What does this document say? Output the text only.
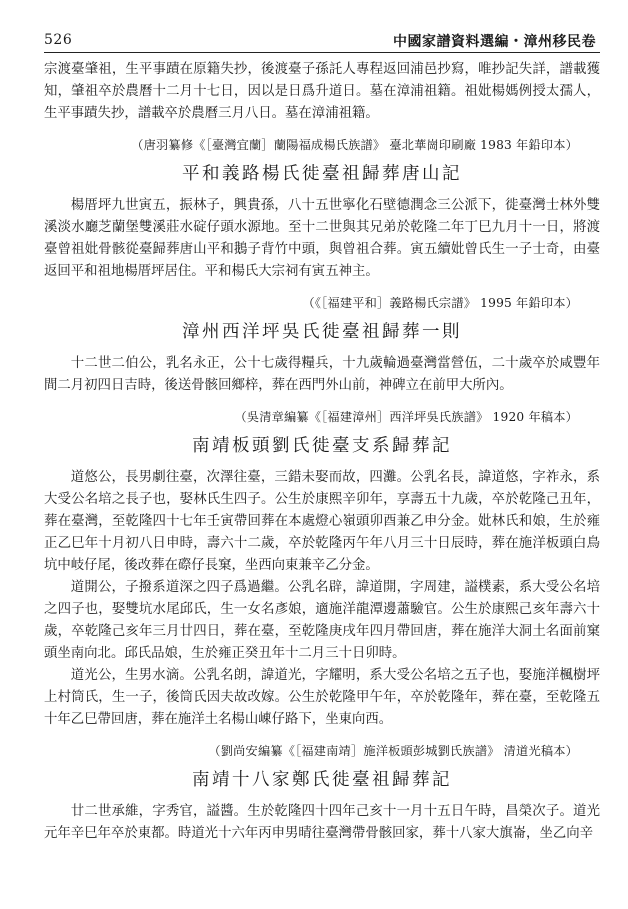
526	中國家譜資料選編・漳州移民卷

宗渡臺肇祖，生平事蹟在原籍失抄，後渡臺子孫託人專程返回浦邑抄寫，唯抄記失詳，譜載獲知，肇祖卒於農曆十二月十七日，因以是日爲升道日。墓在漳浦祖籍。祖妣楊媽例授太孺人，生平事蹟失抄，譜載卒於農曆三月八日。墓在漳浦祖籍。

（唐羽纂修《［臺灣宜蘭］蘭陽福成楊氏族譜》 臺北華崗印刷廠 1983 年鉛印本）

平和義路楊氏徙臺祖歸葬唐山記

楊厝坪九世寅五，振林子，興貴孫，八十五世寧化石壁德潤念三公派下，徙臺灣士林外雙溪淡水廳芝蘭堡雙溪莊水碇仔頭水源地。至十二世與其兄弟於乾隆二年丁巳九月十一日，將渡臺曾祖妣骨骸從臺歸葬唐山平和鵝子背竹中頭，與曾祖合葬。寅五續妣曾氏生一子士奇，由臺返回平和祖地楊厝坪居住。平和楊氏大宗祠有寅五神主。

（《［福建平和］義路楊氏宗譜》 1995 年鉛印本）

漳州西洋坪吳氏徙臺祖歸葬一則

十二世二伯公，乳名永正，公十七歲得糧兵，十九歲輪過臺灣當營伍，二十歲卒於咸豐年間二月初四日吉時，後送骨骸回鄉梓，葬在西門外山前，神碑立在前甲大所內。

（吳清章編纂《［福建漳州］西洋坪吳氏族譜》 1920 年稿本）

南靖板頭劉氏徙臺支系歸葬記

道悠公，長男劇往臺，次澤往臺，三錯未娶而故，四灘。公乳名長，諱道悠，字祚永，系大受公名培之長子也，娶林氏生四子。公生於康熙辛卯年，享壽五十九歲，卒於乾隆己丑年，葬在臺灣，至乾隆四十七年壬寅帶回葬在本處燈心嶺頭卯酉兼乙申分金。妣林氏和娘，生於雍正乙巳年十月初八日申時，壽六十二歲，卒於乾隆丙午年八月三十日辰時，葬在施洋板頭白鳥坑中岐仔尾，後改葬在磜仔長窠，坐西向東兼辛乙分金。

道開公，子撥系道深之四子爲過繼。公乳名辟，諱道開，字周建，謚樸素，系大受公名培之四子也，娶雙坑水尾邱氏，生一女名彥娘，適施洋龍潭邊蕭驗官。公生於康熙己亥年壽六十歲，卒乾隆己亥年三月廿四日，葬在臺，至乾隆庚戌年四月帶回唐，葬在施洋大洞土名面前窠頭坐南向北。邱氏品娘，生於雍正癸丑年十二月三十日卯時。

道光公，生男水滴。公乳名朗，諱道光，字耀明，系大受公名培之五子也，娶施洋楓樹坪上村筒氏，生一子，後筒氏因夫故改嫁。公生於乾隆甲午年，卒於乾隆年，葬在臺，至乾隆五十年乙巳帶回唐，葬在施洋土名楊山崠仔路下，坐東向西。

（劉尚安編纂《［福建南靖］施洋板頭彭城劉氏族譜》 清道光稿本）

南靖十八家鄭氏徙臺祖歸葬記

廿二世承維，字秀官，謚醬。生於乾隆四十四年己亥十一月十五日午時，昌榮次子。道光元年辛巳年卒於東都。時道光十六年丙申男晴往臺灣帶骨骸回家，葬十八家大旗崙，坐乙向辛
